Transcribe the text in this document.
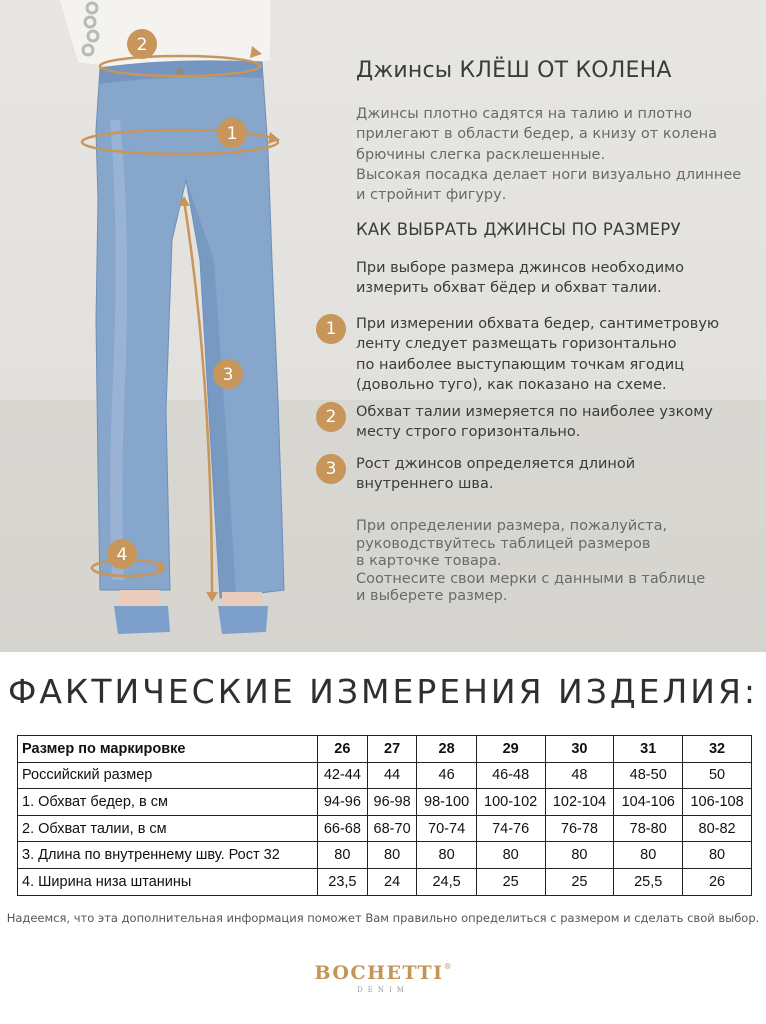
2
1
3
4
Джинсы КЛЁШ ОТ КОЛЕНА
Джинсы плотно садятся на талию и плотно
прилегают в области бедер, а книзу от колена
брючины слегка расклешенные.
Высокая посадка делает ноги визуально длиннее
и стройнит фигуру.
КАК ВЫБРАТЬ ДЖИНСЫ ПО РАЗМЕРУ
При выборе размера джинсов необходимо
измерить обхват бёдер и обхват талии.
1	При измерении обхвата бедер, сантиметровую
ленту следует размещать горизонтально
по наиболее выступающим точкам ягодиц
(довольно туго), как показано на схеме.
2	Обхват талии измеряется по наиболее узкому
месту строго горизонтально.
3	Рост джинсов определяется длиной
внутреннего шва.
При определении размера, пожалуйста,
руководствуйтесь таблицей размеров
в карточке товара.
Соотнесите свои мерки с данными в таблице
и выберете размер.
ФАКТИЧЕСКИЕ ИЗМЕРЕНИЯ ИЗДЕЛИЯ:
Размер по маркировке	26	27	28	29	30	31	32
Российский размер	42-44	44	46	46-48	48	48-50	50
1. Обхват бедер, в см	94-96	96-98	98-100	100-102	102-104	104-106	106-108
2. Обхват талии, в см	66-68	68-70	70-74	74-76	76-78	78-80	80-82
3. Длина по внутреннему шву. Рост 32	80	80	80	80	80	80	80
4. Ширина низа штанины	23,5	24	24,5	25	25	25,5	26
Надеемся, что эта дополнительная информация поможет Вам правильно определиться с размером и сделать свой выбор.
BOCHETTI®
DENIM
